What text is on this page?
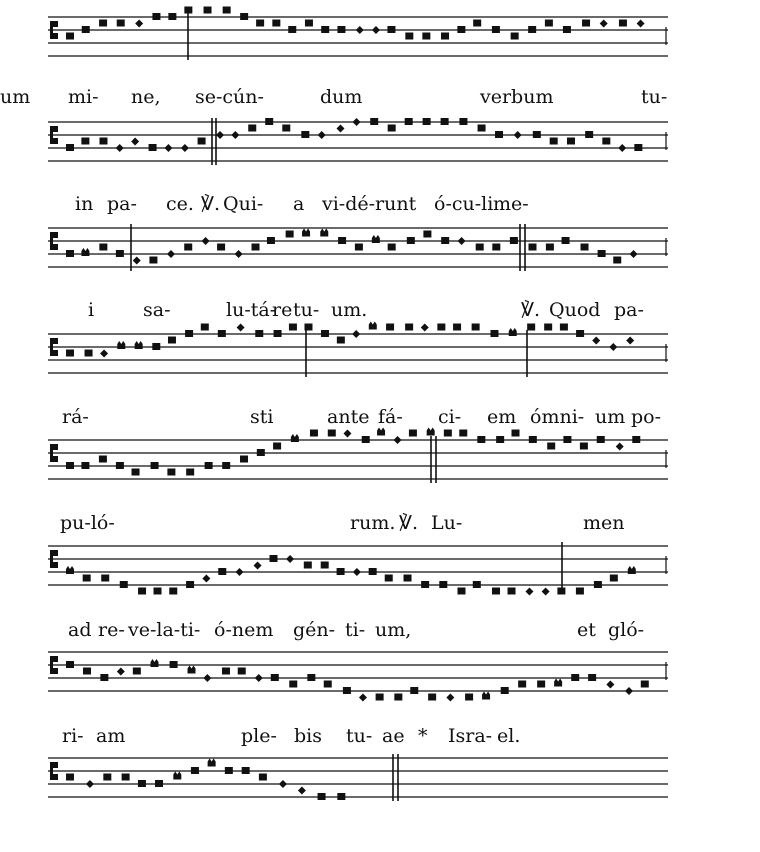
mi- ne, se-cún-	dum	verbum	tu-
um
in pa- ce. ℣. Qui- a vi-dé-runt ó-cu-li me-
i	sa-	lu-tá-
re tu- um.	℣. Quod pa-
rá-	sti	ante fá- ci- em ómni- um po-
pu-ló-	rum. ℣. Lu-	men
ad re- ve-la-ti- ó-nem gén- ti- um,	et gló-
ri- am	ple- bis tu- ae * Isra- el.
